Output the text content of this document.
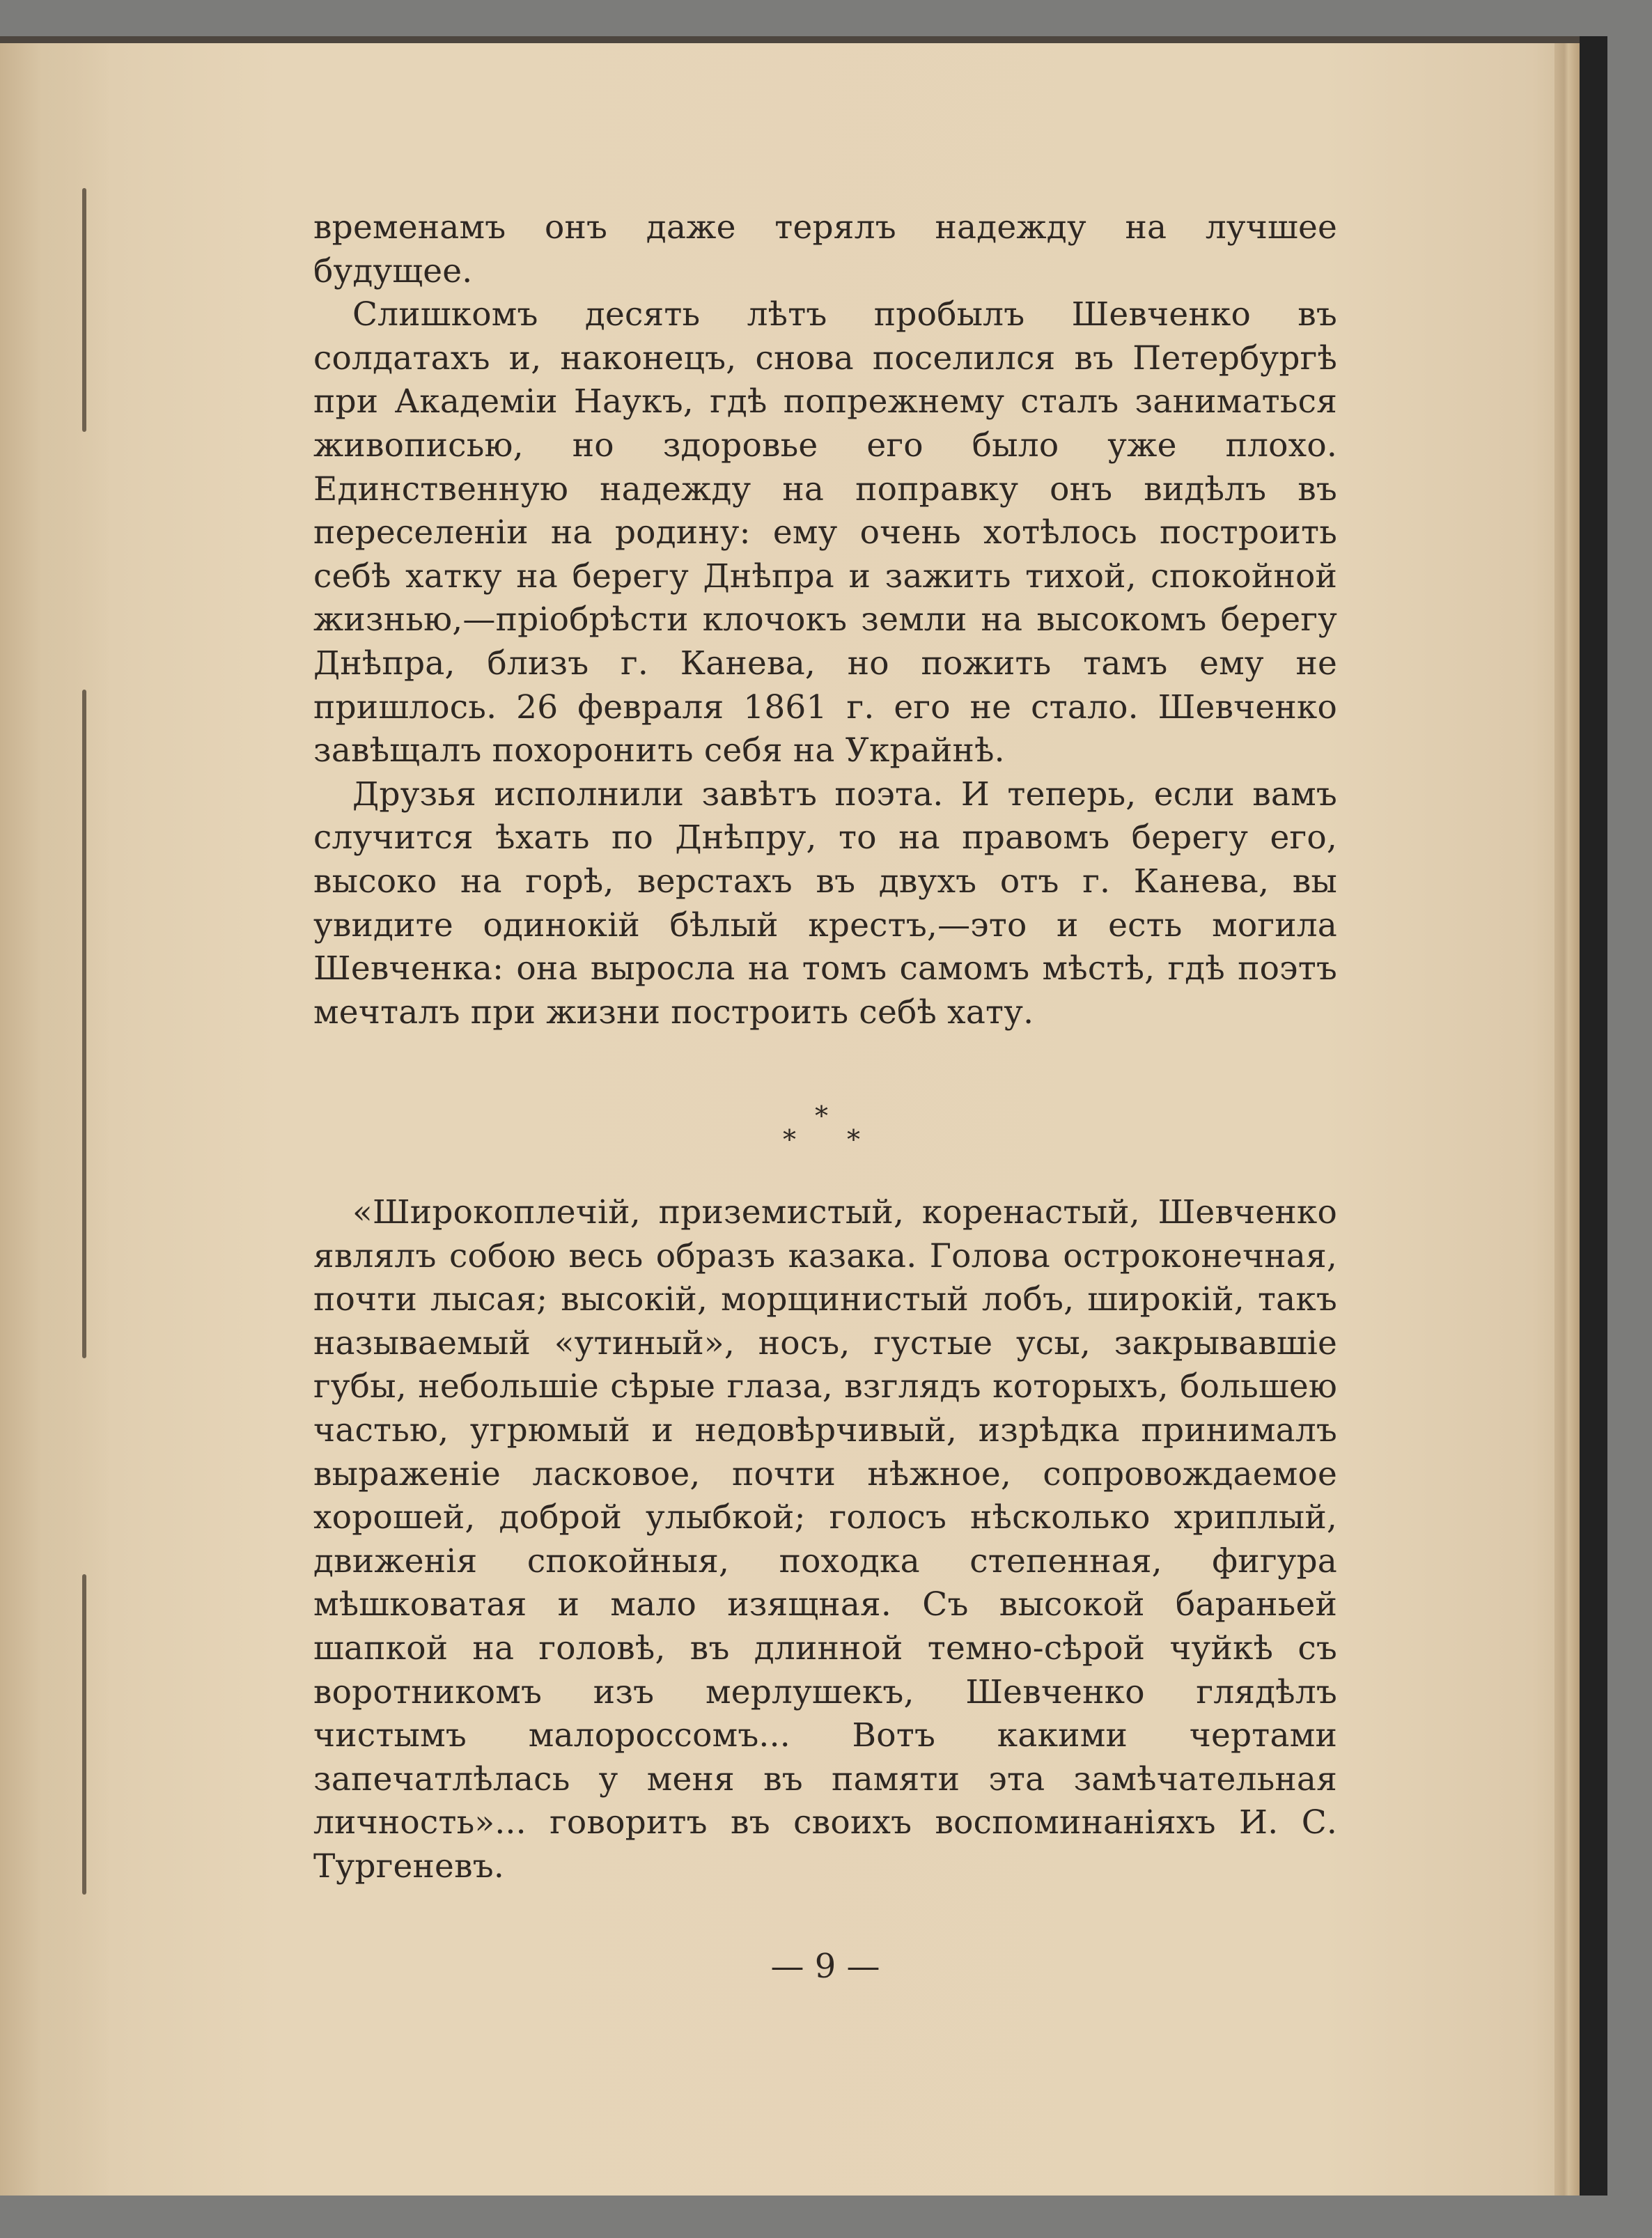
временамъ онъ даже терялъ надежду на лучшее будущее.

Слишкомъ десять лѣтъ пробылъ Шевченко въ солдатахъ и, наконецъ, снова поселился въ Петербургѣ при Академіи Наукъ, гдѣ попрежнему сталъ заниматься живописью, но здоровье его было уже плохо. Единственную надежду на поправку онъ видѣлъ въ переселеніи на родину: ему очень хотѣлось построить себѣ хатку на берегу Днѣпра и зажить тихой, спокойной жизнью,—пріобрѣсти клочокъ земли на высокомъ берегу Днѣпра, близъ г. Канева, но пожить тамъ ему не пришлось. 26 февраля 1861 г. его не стало. Шевченко завѣщалъ похоронить себя на Украйнѣ.

Друзья исполнили завѣтъ поэта. И теперь, если вамъ случится ѣхать по Днѣпру, то на правомъ берегу его, высоко на горѣ, верстахъ въ двухъ отъ г. Канева, вы увидите одинокій бѣлый крестъ,—это и есть могила Шевченка: она выросла на томъ самомъ мѣстѣ, гдѣ поэтъ мечталъ при жизни построить себѣ хату.

*
* *

«Широкоплечій, приземистый, коренастый, Шевченко являлъ собою весь образъ казака. Голова остроконечная, почти лысая; высокій, морщинистый лобъ, широкій, такъ называемый «утиный», носъ, густые усы, закрывавшіе губы, небольшіе сѣрые глаза, взглядъ которыхъ, большею частью, угрюмый и недовѣрчивый, изрѣдка принималъ выраженіе ласковое, почти нѣжное, сопровождаемое хорошей, доброй улыбкой; голосъ нѣсколько хриплый, движенія спокойныя, походка степенная, фигура мѣшковатая и мало изящная. Съ высокой бараньей шапкой на головѣ, въ длинной темно-сѣрой чуйкѣ съ воротникомъ изъ мерлушекъ, Шевченко глядѣлъ чистымъ малороссомъ... Вотъ какими чертами запечатлѣлась у меня въ памяти эта замѣчательная личность»... говоритъ въ своихъ воспоминаніяхъ И. С. Тургеневъ.

— 9 —
